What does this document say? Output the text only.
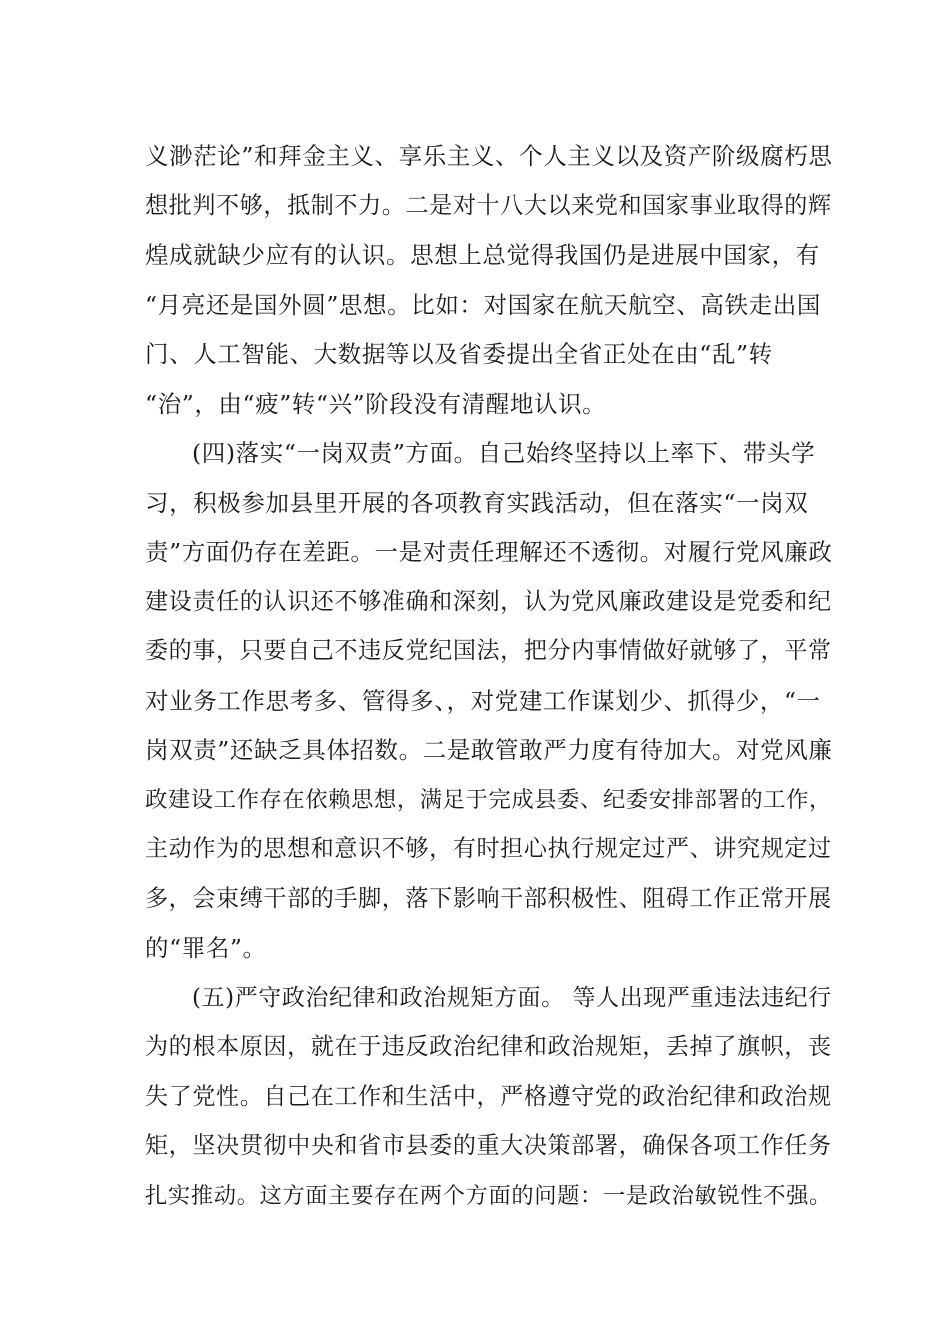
义渺茫论”和拜金主义、享乐主义、个人主义以及资产阶级腐朽思
想批判不够，抵制不力。二是对十八大以来党和国家事业取得的辉
煌成就缺少应有的认识。思想上总觉得我国仍是进展中国家，有
“月亮还是国外圆”思想。比如：对国家在航天航空、高铁走出国
门、人工智能、大数据等以及省委提出全省正处在由“乱”转
“治”，由“疲”转“兴”阶段没有清醒地认识。
(四)落实“一岗双责”方面。自己始终坚持以上率下、带头学
习，积极参加县里开展的各项教育实践活动，但在落实“一岗双
责”方面仍存在差距。一是对责任理解还不透彻。对履行党风廉政
建设责任的认识还不够准确和深刻，认为党风廉政建设是党委和纪
委的事，只要自己不违反党纪国法，把分内事情做好就够了，平常
对业务工作思考多、管得多、，对党建工作谋划少、抓得少，“一
岗双责”还缺乏具体招数。二是敢管敢严力度有待加大。对党风廉
政建设工作存在依赖思想，满足于完成县委、纪委安排部署的工作，
主动作为的思想和意识不够，有时担心执行规定过严、讲究规定过
多，会束缚干部的手脚，落下影响干部积极性、阻碍工作正常开展
的“罪名”。
(五)严守政治纪律和政治规矩方面。 等人出现严重违法违纪行
为的根本原因，就在于违反政治纪律和政治规矩，丢掉了旗帜，丧
失了党性。自己在工作和生活中，严格遵守党的政治纪律和政治规
矩，坚决贯彻中央和省市县委的重大决策部署，确保各项工作任务
扎实推动。这方面主要存在两个方面的问题：一是政治敏锐性不强。
